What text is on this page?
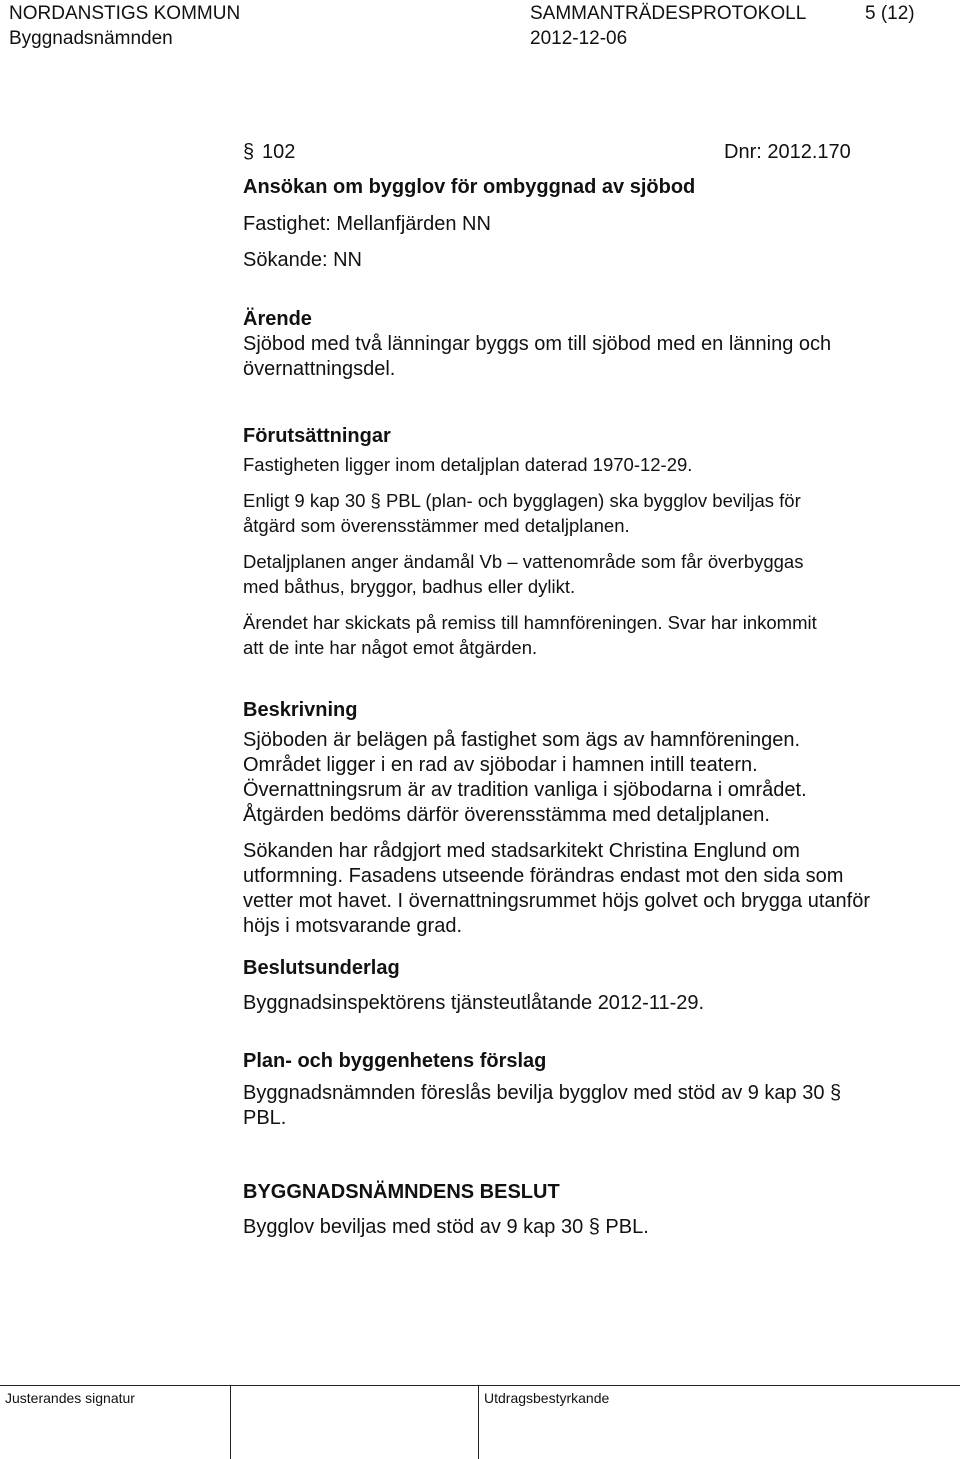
NORDANSTIGS KOMMUN
Byggnadsnämnden
SAMMANTRÄDESPROTOKOLL
2012-12-06
5 (12)
§ 102	Dnr: 2012.170
Ansökan om bygglov för ombyggnad av sjöbod
Fastighet: Mellanfjärden NN
Sökande: NN

Ärende

Sjöbod med två länningar byggs om till sjöbod med en länning och

övernattningsdel.

Förutsättningar

Fastigheten ligger inom detaljplan daterad 1970-12-29.

Enligt 9 kap 30 § PBL (plan- och bygglagen) ska bygglov beviljas för

åtgärd som överensstämmer med detaljplanen.

Detaljplanen anger ändamål Vb – vattenområde som får överbyggas

med båthus, bryggor, badhus eller dylikt.

Ärendet har skickats på remiss till hamnföreningen. Svar har inkommit

att de inte har något emot åtgärden.

Beskrivning

Sjöboden är belägen på fastighet som ägs av hamnföreningen.

Området ligger i en rad av sjöbodar i hamnen intill teatern.

Övernattningsrum är av tradition vanliga i sjöbodarna i området.

Åtgärden bedöms därför överensstämma med detaljplanen.

Sökanden har rådgjort med stadsarkitekt Christina Englund om

utformning. Fasadens utseende förändras endast mot den sida som

vetter mot havet. I övernattningsrummet höjs golvet och brygga utanför

höjs i motsvarande grad.

Beslutsunderlag

Byggnadsinspektörens tjänsteutlåtande 2012-11-29.

Plan- och byggenhetens förslag

Byggnadsnämnden föreslås bevilja bygglov med stöd av 9 kap 30 §

PBL.

BYGGNADSNÄMNDENS BESLUT

Bygglov beviljas med stöd av 9 kap 30 § PBL.

Justerandes signatur	Utdragsbestyrkande
